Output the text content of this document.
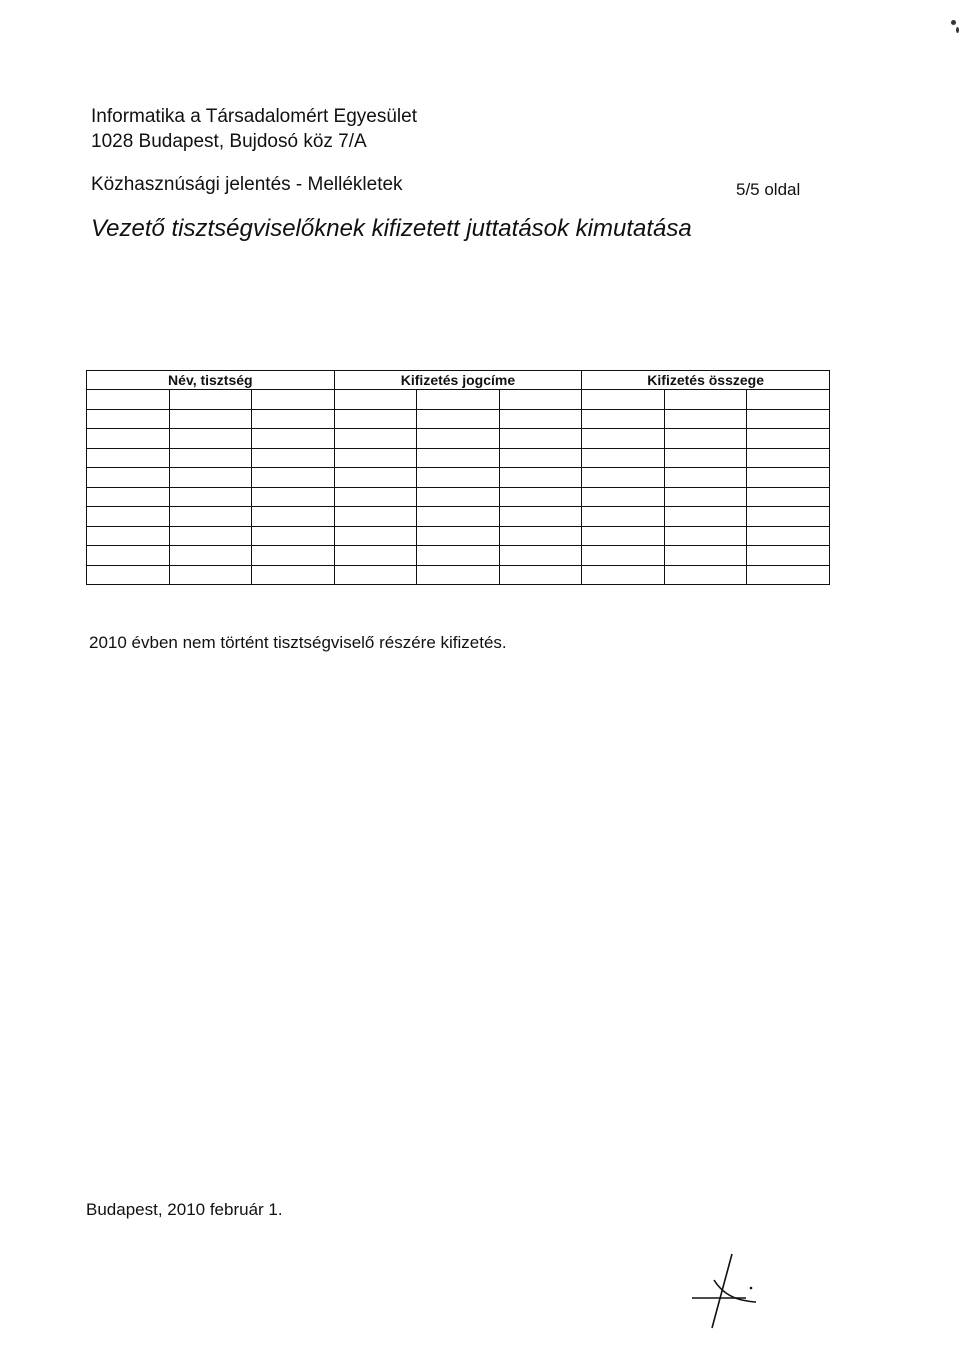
Informatika a Társadalomért Egyesület
1028 Budapest, Bujdosó köz 7/A
Közhasznúsági jelentés - Mellékletek	5/5 oldal
Vezető tisztségviselőknek kifizetett juttatások kimutatása
Név, tisztség			Kifizetés jogcíme			Kifizetés összege		

2010 évben nem történt tisztségviselő részére kifizetés.
Budapest, 2010 február 1.
